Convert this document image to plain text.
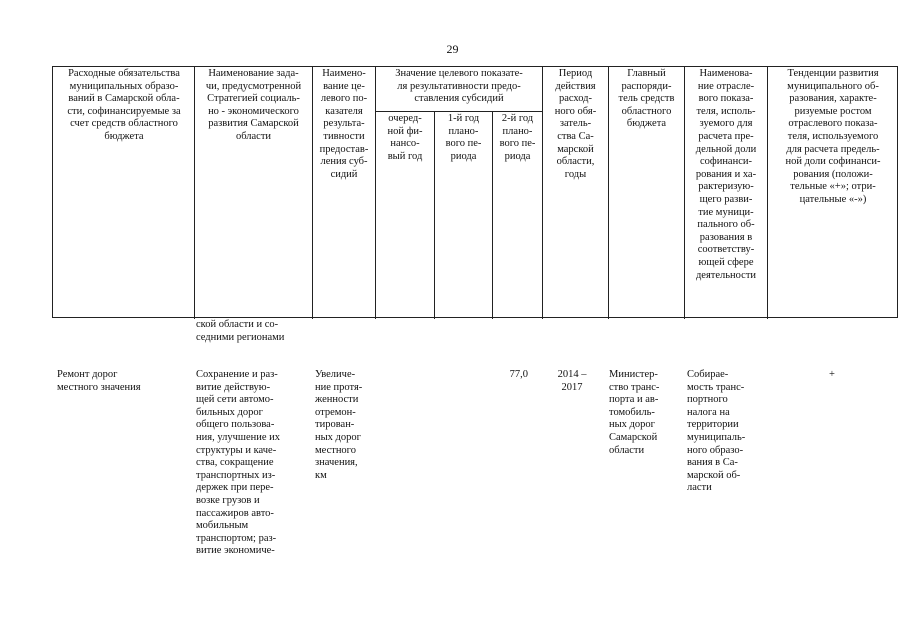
29
Расходные обязательства
муниципальных образо-
ваний в Самарской обла-
сти, софинансируемые за
счет средств областного
бюджета
Наименование зада-
чи, предусмотренной
Стратегией социаль-
но - экономического
развития Самарской
области
Наимено-
вание це-
левого по-
казателя
результа-
тивности
предостав-
ления суб-
сидий
Значение целевого показате-
ля результативности предо-
ставления субсидий
очеред-
ной фи-
нансо-
вый год
1-й год
планo-
вого пе-
риода
2-й год
плано-
вого пе-
риода
Период
действия
расход-
ного обя-
затель-
ства Са-
марской
области,
годы
Главный
распоряди-
тель средств
областного
бюджета
Наименова-
ние отрасле-
вого показа-
теля, исполь-
зуемого для
расчета пре-
дельной доли
софинанси-
рования и ха-
рактеризую-
щего разви-
тие муници-
пального об-
разования в
соответству-
ющей сфере
деятельности
Тенденции развития
муниципального об-
разования, характе-
ризуемые ростом
отраслевого показа-
теля, используемого
для расчета предель-
ной доли софинанси-
рования (положи-
тельные «+»; отри-
цательные «-»)
ской области и со-
седними регионами
Ремонт дорог
местного значения
Сохранение и раз-
витие действую-
щей сети автомо-
бильных дорог
общего пользова-
ния, улучшение их
структуры и каче-
ства, сокращение
транспортных из-
держек при пере-
возке грузов и
пассажиров авто-
мобильным
транспортом; раз-
витие экономиче-
Увеличе-
ние протя-
женности
отремон-
тирован-
ных дорог
местного
значения,
км
77,0	2014 –
2017
Министер-
ство транс-
порта и ав-
томобиль-
ных дорог
Самарской
области
Собирае-
мость транс-
портного
налога на
территории
муниципаль-
ного образо-
вания в Са-
марской об-
ласти
+
